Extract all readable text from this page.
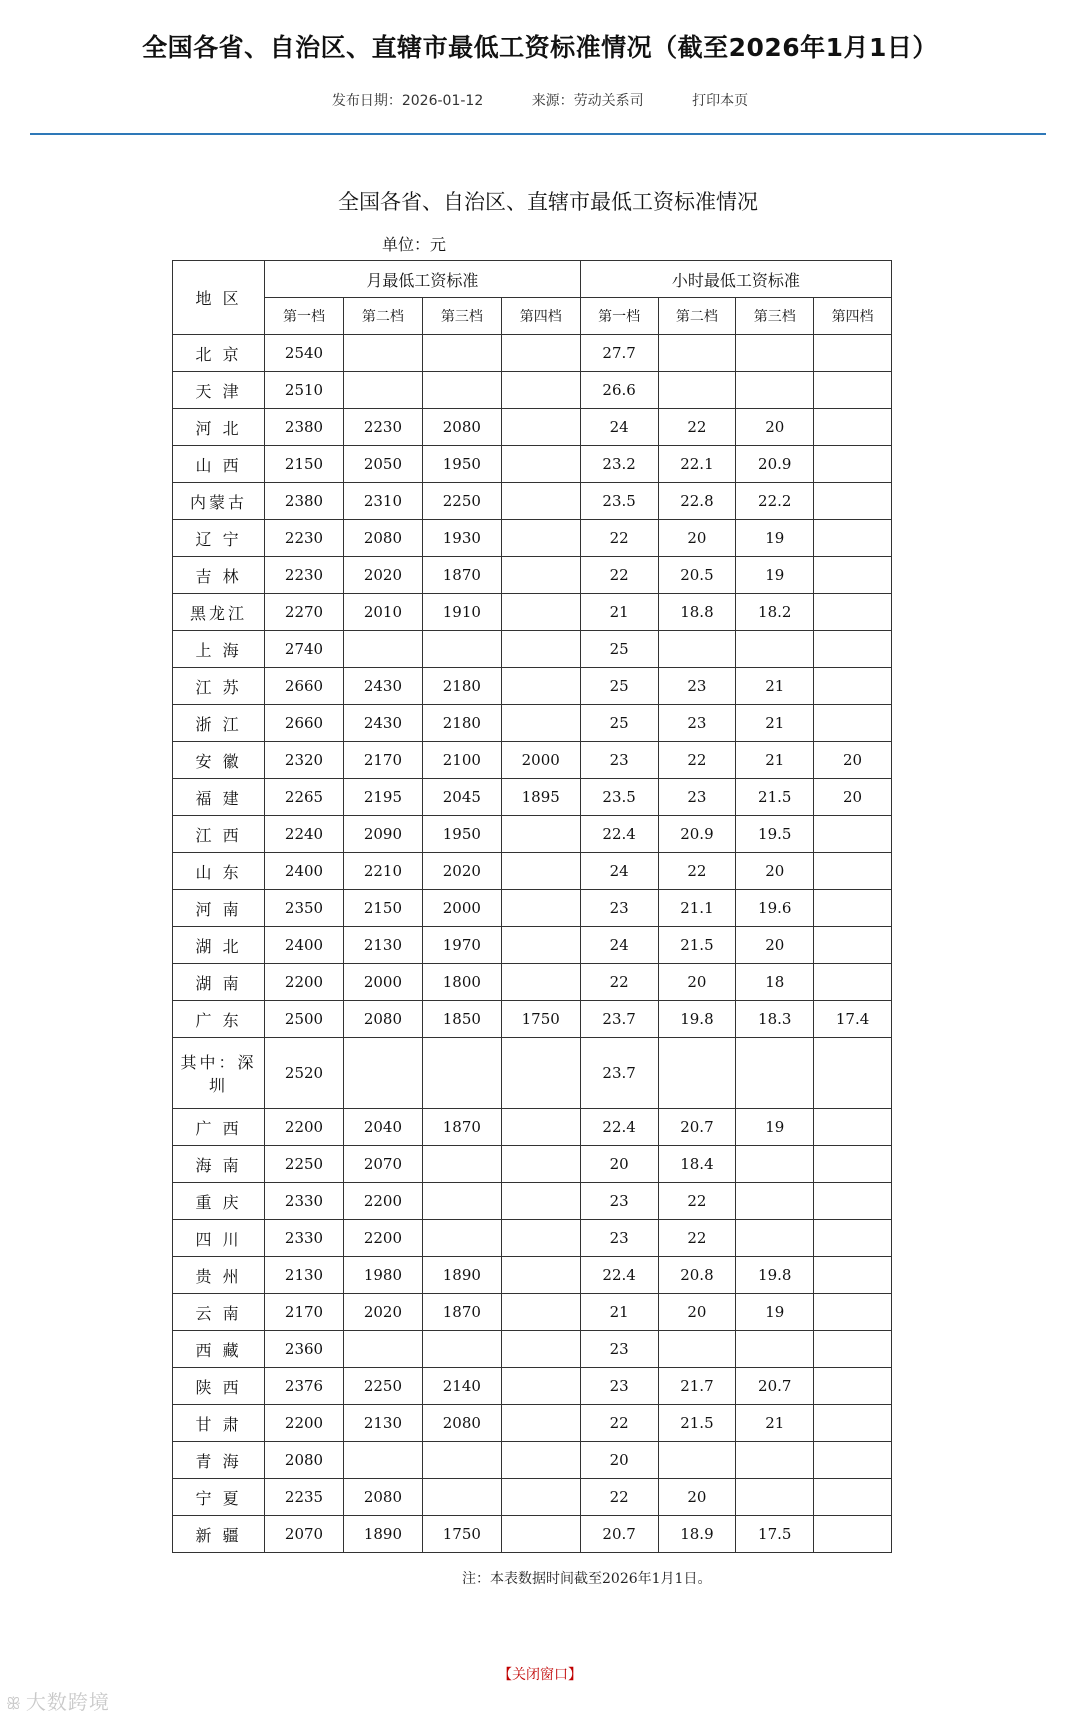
全国各省、自治区、直辖市最低工资标准情况（截至2026年1月1日）
发布日期：2026-01-12	来源：劳动关系司	打印本页
全国各省、自治区、直辖市最低工资标准情况
单位：元
地 区	月最低工资标准				小时最低工资标准			
	第一档	第二档	第三档	第四档	第一档	第二档	第三档	第四档
北 京	2540				27.7			
天 津	2510				26.6			
河 北	2380	2230	2080		24	22	20	
山 西	2150	2050	1950		23.2	22.1	20.9	
内蒙古	2380	2310	2250		23.5	22.8	22.2	
辽 宁	2230	2080	1930		22	20	19	
吉 林	2230	2020	1870		22	20.5	19	
黑龙江	2270	2010	1910		21	18.8	18.2	
上 海	2740				25			
江 苏	2660	2430	2180		25	23	21	
浙 江	2660	2430	2180		25	23	21	
安 徽	2320	2170	2100	2000	23	22	21	20
福 建	2265	2195	2045	1895	23.5	23	21.5	20
江 西	2240	2090	1950		22.4	20.9	19.5	
山 东	2400	2210	2020		24	22	20	
河 南	2350	2150	2000		23	21.1	19.6	
湖 北	2400	2130	1970		24	21.5	20	
湖 南	2200	2000	1800		22	20	18	
广 东	2500	2080	1850	1750	23.7	19.8	18.3	17.4
其中：深圳	2520				23.7			
广 西	2200	2040	1870		22.4	20.7	19	
海 南	2250	2070			20	18.4		
重 庆	2330	2200			23	22		
四 川	2330	2200			23	22		
贵 州	2130	1980	1890		22.4	20.8	19.8	
云 南	2170	2020	1870		21	20	19	
西 藏	2360				23			
陕 西	2376	2250	2140		23	21.7	20.7	
甘 肃	2200	2130	2080		22	21.5	21	
青 海	2080				20			
宁 夏	2235	2080			22	20		
新 疆	2070	1890	1750		20.7	18.9	17.5	
注：本表数据时间截至2026年1月1日。
【关闭窗口】
ꕥ 大数跨境
